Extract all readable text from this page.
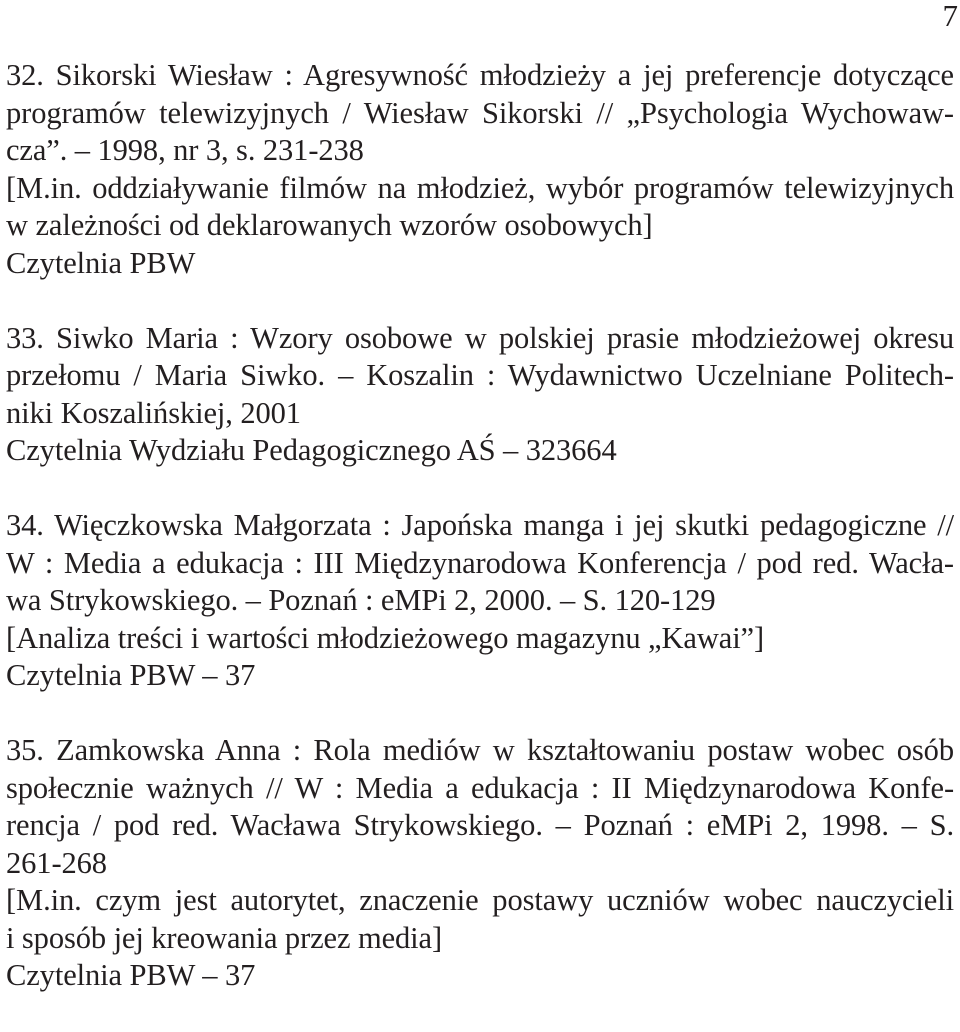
7
32. Sikorski Wiesław : Agresywność młodzieży a jej preferencje dotyczące
programów telewizyjnych / Wiesław Sikorski // „Psychologia Wychowaw-
cza”. – 1998, nr 3, s. 231-238
[M.in. oddziaływanie filmów na młodzież, wybór programów telewizyjnych
w zależności od deklarowanych wzorów osobowych]
Czytelnia PBW
33. Siwko Maria : Wzory osobowe w polskiej prasie młodzieżowej okresu
przełomu / Maria Siwko. – Koszalin : Wydawnictwo Uczelniane Politech-
niki Koszalińskiej, 2001
Czytelnia Wydziału Pedagogicznego AŚ – 323664
34. Więczkowska Małgorzata : Japońska manga i jej skutki pedagogiczne //
W : Media a edukacja : III Międzynarodowa Konferencja / pod red. Wacła-
wa Strykowskiego. – Poznań : eMPi 2, 2000. – S. 120-129
[Analiza treści i wartości młodzieżowego magazynu „Kawai”]
Czytelnia PBW – 37
35. Zamkowska Anna : Rola mediów w kształtowaniu postaw wobec osób
społecznie ważnych // W : Media a edukacja : II Międzynarodowa Konfe-
rencja / pod red. Wacława Strykowskiego. – Poznań : eMPi 2, 1998. – S.
261-268
[M.in. czym jest autorytet, znaczenie postawy uczniów wobec nauczycieli
i sposób jej kreowania przez media]
Czytelnia PBW – 37
